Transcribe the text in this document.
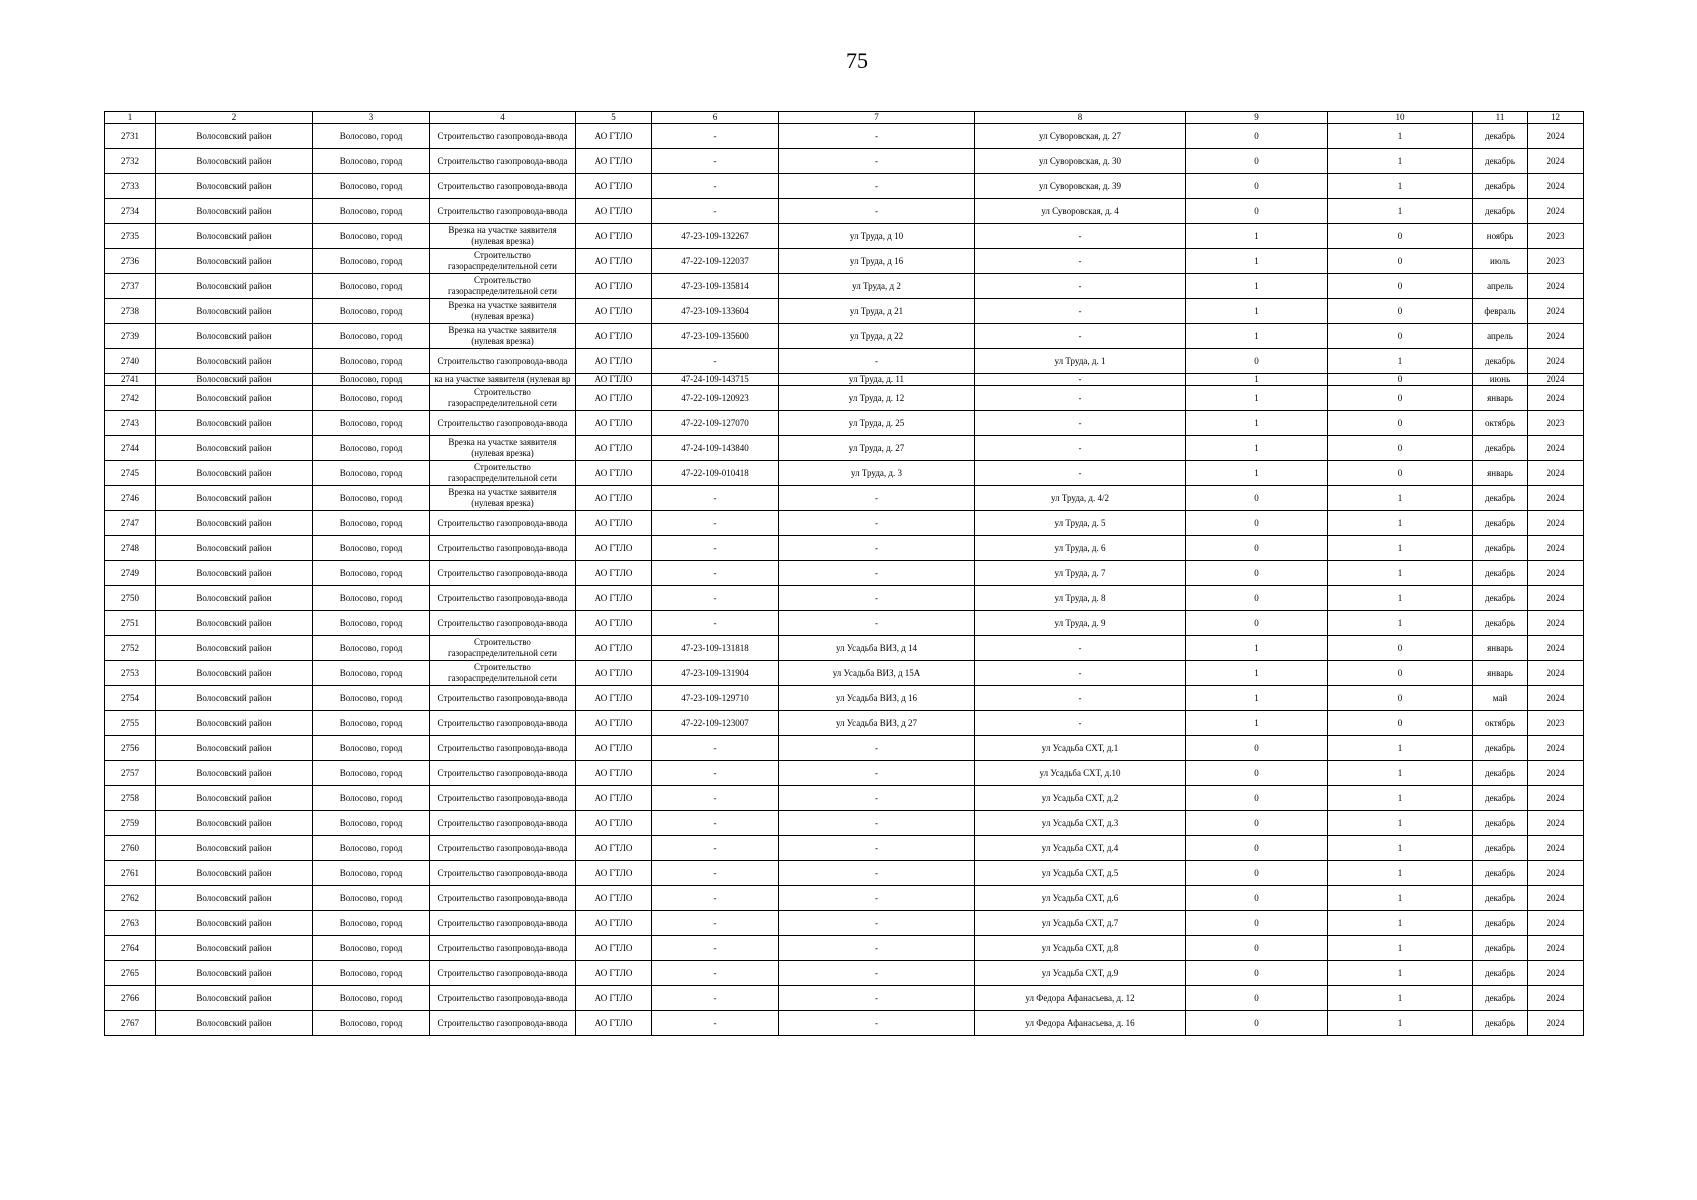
75
1	2	3	4	5	6	7	8	9	10	11	12
2731	Волосовский район	Волосово, город	Строительство газопровода-ввода	АО ГТЛО	-	-	ул Суворовская, д. 27	0	1	декабрь	2024
2732	Волосовский район	Волосово, город	Строительство газопровода-ввода	АО ГТЛО	-	-	ул Суворовская, д. 30	0	1	декабрь	2024
2733	Волосовский район	Волосово, город	Строительство газопровода-ввода	АО ГТЛО	-	-	ул Суворовская, д. 39	0	1	декабрь	2024
2734	Волосовский район	Волосово, город	Строительство газопровода-ввода	АО ГТЛО	-	-	ул Суворовская, д. 4	0	1	декабрь	2024
2735	Волосовский район	Волосово, город	Врезка на участке заявителя (нулевая врезка)	АО ГТЛО	47-23-109-132267	ул Труда, д 10	-	1	0	ноябрь	2023
2736	Волосовский район	Волосово, город	Строительство газораспределительной сети	АО ГТЛО	47-22-109-122037	ул Труда, д 16	-	1	0	июль	2023
2737	Волосовский район	Волосово, город	Строительство газораспределительной сети	АО ГТЛО	47-23-109-135814	ул Труда, д 2	-	1	0	апрель	2024
2738	Волосовский район	Волосово, город	Врезка на участке заявителя (нулевая врезка)	АО ГТЛО	47-23-109-133604	ул Труда, д 21	-	1	0	февраль	2024
2739	Волосовский район	Волосово, город	Врезка на участке заявителя (нулевая врезка)	АО ГТЛО	47-23-109-135600	ул Труда, д 22	-	1	0	апрель	2024
2740	Волосовский район	Волосово, город	Строительство газопровода-ввода	АО ГТЛО	-	-	ул Труда, д. 1	0	1	декабрь	2024
2741	Волосовский район	Волосово, город	ка на участке заявителя (нулевая вр	АО ГТЛО	47-24-109-143715	ул Труда, д. 11	-	1	0	июнь	2024
2742	Волосовский район	Волосово, город	Строительство газораспределительной сети	АО ГТЛО	47-22-109-120923	ул Труда, д. 12	-	1	0	январь	2024
2743	Волосовский район	Волосово, город	Строительство газопровода-ввода	АО ГТЛО	47-22-109-127070	ул Труда, д. 25	-	1	0	октябрь	2023
2744	Волосовский район	Волосово, город	Врезка на участке заявителя (нулевая врезка)	АО ГТЛО	47-24-109-143840	ул Труда, д. 27	-	1	0	декабрь	2024
2745	Волосовский район	Волосово, город	Строительство газораспределительной сети	АО ГТЛО	47-22-109-010418	ул Труда, д. 3	-	1	0	январь	2024
2746	Волосовский район	Волосово, город	Врезка на участке заявителя (нулевая врезка)	АО ГТЛО	-	-	ул Труда, д. 4/2	0	1	декабрь	2024
2747	Волосовский район	Волосово, город	Строительство газопровода-ввода	АО ГТЛО	-	-	ул Труда, д. 5	0	1	декабрь	2024
2748	Волосовский район	Волосово, город	Строительство газопровода-ввода	АО ГТЛО	-	-	ул Труда, д. 6	0	1	декабрь	2024
2749	Волосовский район	Волосово, город	Строительство газопровода-ввода	АО ГТЛО	-	-	ул Труда, д. 7	0	1	декабрь	2024
2750	Волосовский район	Волосово, город	Строительство газопровода-ввода	АО ГТЛО	-	-	ул Труда, д. 8	0	1	декабрь	2024
2751	Волосовский район	Волосово, город	Строительство газопровода-ввода	АО ГТЛО	-	-	ул Труда, д. 9	0	1	декабрь	2024
2752	Волосовский район	Волосово, город	Строительство газораспределительной сети	АО ГТЛО	47-23-109-131818	ул Усадьба ВИЗ, д 14	-	1	0	январь	2024
2753	Волосовский район	Волосово, город	Строительство газораспределительной сети	АО ГТЛО	47-23-109-131904	ул Усадьба ВИЗ, д 15А	-	1	0	январь	2024
2754	Волосовский район	Волосово, город	Строительство газопровода-ввода	АО ГТЛО	47-23-109-129710	ул Усадьба ВИЗ, д 16	-	1	0	май	2024
2755	Волосовский район	Волосово, город	Строительство газопровода-ввода	АО ГТЛО	47-22-109-123007	ул Усадьба ВИЗ, д 27	-	1	0	октябрь	2023
2756	Волосовский район	Волосово, город	Строительство газопровода-ввода	АО ГТЛО	-	-	ул Усадьба СХТ, д.1	0	1	декабрь	2024
2757	Волосовский район	Волосово, город	Строительство газопровода-ввода	АО ГТЛО	-	-	ул Усадьба СХТ, д.10	0	1	декабрь	2024
2758	Волосовский район	Волосово, город	Строительство газопровода-ввода	АО ГТЛО	-	-	ул Усадьба СХТ, д.2	0	1	декабрь	2024
2759	Волосовский район	Волосово, город	Строительство газопровода-ввода	АО ГТЛО	-	-	ул Усадьба СХТ, д.3	0	1	декабрь	2024
2760	Волосовский район	Волосово, город	Строительство газопровода-ввода	АО ГТЛО	-	-	ул Усадьба СХТ, д.4	0	1	декабрь	2024
2761	Волосовский район	Волосово, город	Строительство газопровода-ввода	АО ГТЛО	-	-	ул Усадьба СХТ, д.5	0	1	декабрь	2024
2762	Волосовский район	Волосово, город	Строительство газопровода-ввода	АО ГТЛО	-	-	ул Усадьба СХТ, д.6	0	1	декабрь	2024
2763	Волосовский район	Волосово, город	Строительство газопровода-ввода	АО ГТЛО	-	-	ул Усадьба СХТ, д.7	0	1	декабрь	2024
2764	Волосовский район	Волосово, город	Строительство газопровода-ввода	АО ГТЛО	-	-	ул Усадьба СХТ, д.8	0	1	декабрь	2024
2765	Волосовский район	Волосово, город	Строительство газопровода-ввода	АО ГТЛО	-	-	ул Усадьба СХТ, д.9	0	1	декабрь	2024
2766	Волосовский район	Волосово, город	Строительство газопровода-ввода	АО ГТЛО	-	-	ул Федора Афанасьева, д. 12	0	1	декабрь	2024
2767	Волосовский район	Волосово, город	Строительство газопровода-ввода	АО ГТЛО	-	-	ул Федора Афанасьева, д. 16	0	1	декабрь	2024
